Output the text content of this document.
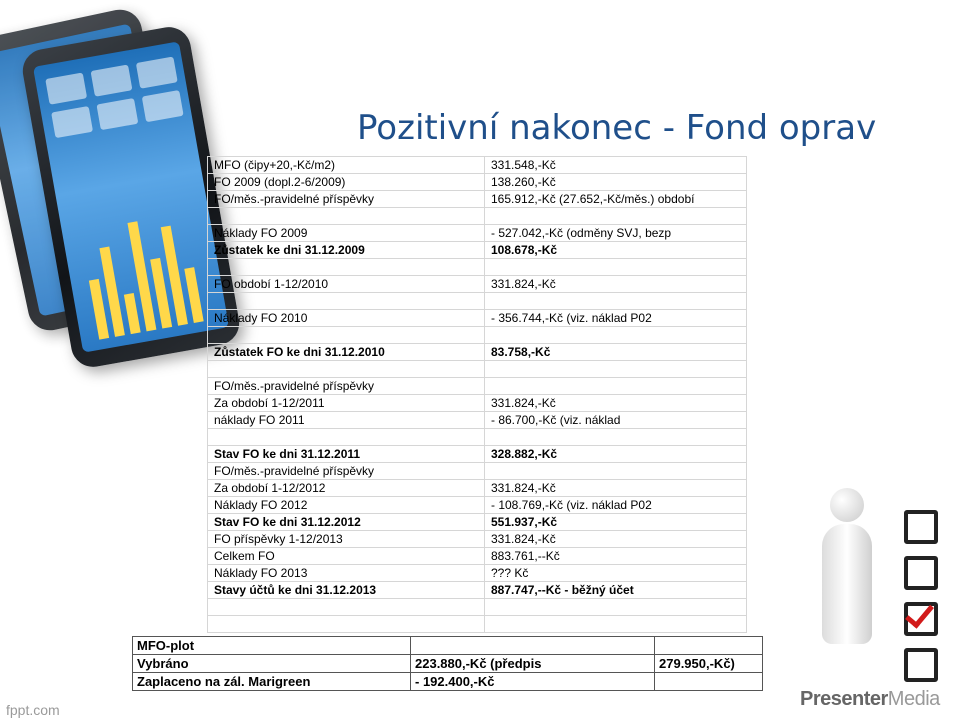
Pozitivní nakonec - Fond oprav
MFO (čipy+20,-Kč/m2)	331.548,-Kč
FO 2009 (dopl.2-6/2009)	138.260,-Kč
FO/měs.-pravidelné příspěvky	165.912,-Kč (27.652,-Kč/měs.) období

Náklady FO 2009	- 527.042,-Kč (odměny SVJ, bezp
Zůstatek ke dni 31.12.2009	108.678,-Kč

FO období 1-12/2010	331.824,-Kč

Náklady FO 2010	- 356.744,-Kč (viz. náklad P02

Zůstatek FO ke dni 31.12.2010	83.758,-Kč

FO/měs.-pravidelné příspěvky	
Za období 1-12/2011	331.824,-Kč
náklady FO 2011	- 86.700,-Kč (viz. náklad

Stav FO ke dni 31.12.2011	328.882,-Kč
FO/měs.-pravidelné příspěvky	
Za období 1-12/2012	331.824,-Kč
Náklady FO 2012	- 108.769,-Kč (viz. náklad P02
Stav FO ke dni 31.12.2012	551.937,-Kč
FO příspěvky 1-12/2013	331.824,-Kč
Celkem FO	883.761,--Kč
Náklady FO 2013	??? Kč
Stavy účtů ke dni 31.12.2013	887.747,--Kč - běžný účet

MFO-plot		
Vybráno	223.880,-Kč (předpis	279.950,-Kč)
Zaplaceno na zál. Marigreen	- 192.400,-Kč	
PresenterMedia
fppt.com
